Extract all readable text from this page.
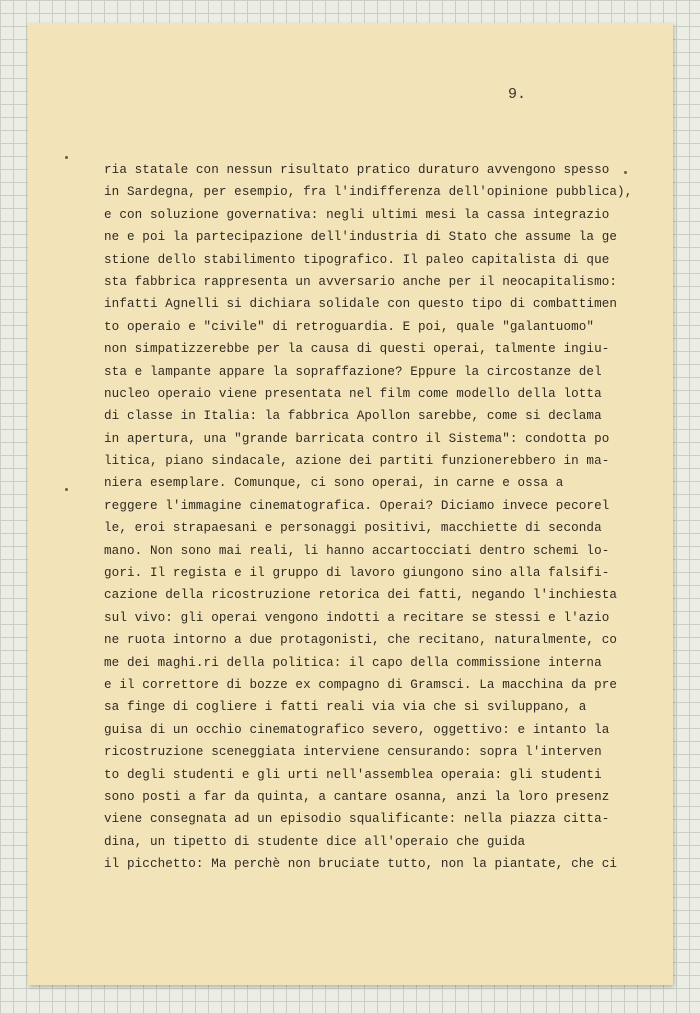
9.
ria statale con nessun risultato pratico duraturo avvengono spesso
in Sardegna, per esempio, fra l'indifferenza dell'opinione pubblica),
e con soluzione governativa: negli ultimi mesi la cassa integrazio
ne e poi la partecipazione dell'industria di Stato che assume la ge
stione dello stabilimento tipografico. Il paleo capitalista di que
sta fabbrica rappresenta un avversario anche per il neocapitalismo:
infatti Agnelli si dichiara solidale con questo tipo di combattimen
to operaio e "civile" di retroguardia. E poi, quale "galantuomo"
non simpatizzerebbe per la causa di questi operai, talmente ingiu-
sta e lampante appare la sopraffazione? Eppure la circostanze del
nucleo operaio viene presentata nel film come modello della lotta
di classe in Italia: la fabbrica Apollon sarebbe, come si declama
in apertura, una "grande barricata contro il Sistema": condotta po
litica, piano sindacale, azione dei partiti funzionerebbero in ma-
niera esemplare. Comunque, ci sono operai, in carne e ossa a
reggere l'immagine cinematografica. Operai? Diciamo invece pecorel
le, eroi strapaesani e personaggi positivi, macchiette di seconda
mano. Non sono mai reali, li hanno accartocciati dentro schemi lo-
gori. Il regista e il gruppo di lavoro giungono sino alla falsifi-
cazione della ricostruzione retorica dei fatti, negando l'inchiesta
sul vivo: gli operai vengono indotti a recitare se stessi e l'azio
ne ruota intorno a due protagonisti, che recitano, naturalmente, co
me dei maghi.ri della politica: il capo della commissione interna
e il correttore di bozze ex compagno di Gramsci. La macchina da pre
sa finge di cogliere i fatti reali via via che si sviluppano, a
guisa di un occhio cinematografico severo, oggettivo: e intanto la
ricostruzione sceneggiata interviene censurando: sopra l'interven
to degli studenti e gli urti nell'assemblea operaia: gli studenti
sono posti a far da quinta, a cantare osanna, anzi la loro presenz
viene consegnata ad un episodio squalificante: nella piazza citta-
dina, un tipetto di studente dice all'operaio che guida
il picchetto: Ma perchè non bruciate tutto, non la piantate, che ci
